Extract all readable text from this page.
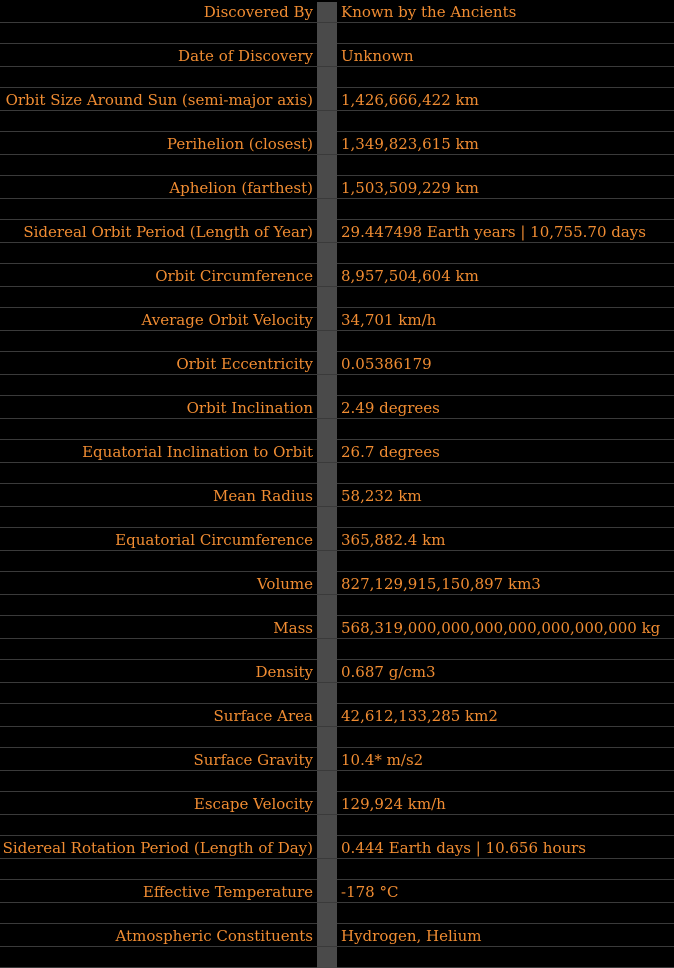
Discovered By Known by the Ancients
Date of Discovery Unknown
Orbit Size Around Sun (semi-major axis) 1,426,666,422 km
Perihelion (closest) 1,349,823,615 km
Aphelion (farthest) 1,503,509,229 km
Sidereal Orbit Period (Length of Year) 29.447498 Earth years | 10,755.70 days
Orbit Circumference 8,957,504,604 km
Average Orbit Velocity 34,701 km/h
Orbit Eccentricity 0.05386179
Orbit Inclination 2.49 degrees
Equatorial Inclination to Orbit 26.7 degrees
Mean Radius 58,232 km
Equatorial Circumference 365,882.4 km
Volume 827,129,915,150,897 km3
Mass 568,319,000,000,000,000,000,000,000 kg
Density 0.687 g/cm3
Surface Area 42,612,133,285 km2
Surface Gravity 10.4* m/s2
Escape Velocity 129,924 km/h
Sidereal Rotation Period (Length of Day) 0.444 Earth days | 10.656 hours
Effective Temperature -178 °C
Atmospheric Constituents Hydrogen, Helium
